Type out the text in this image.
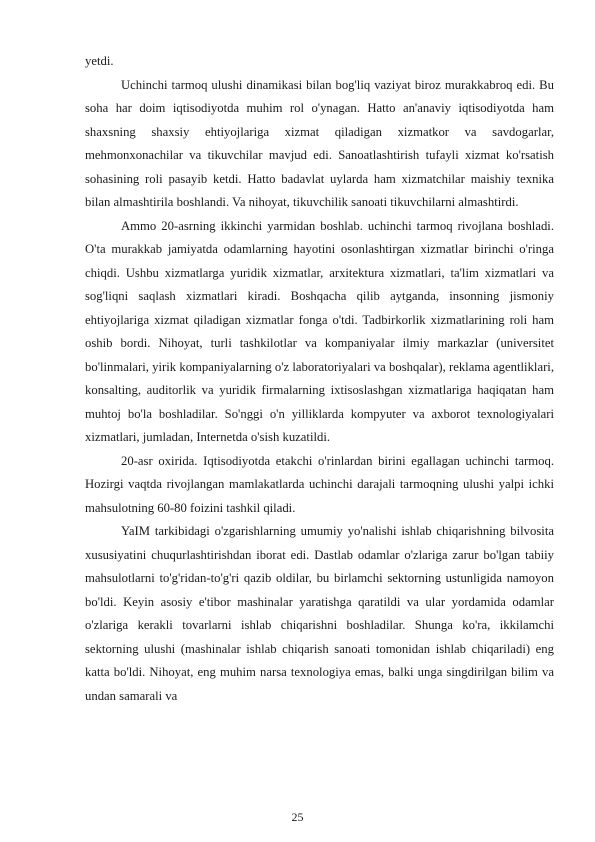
yetdi.

Uchinchi tarmoq ulushi dinamikasi bilan bog'liq vaziyat biroz murakkabroq edi. Bu soha har doim iqtisodiyotda muhim rol o'ynagan. Hatto an'anaviy iqtisodiyotda ham shaxsning shaxsiy ehtiyojlariga xizmat qiladigan xizmatkor va savdogarlar, mehmonxonachilar va tikuvchilar mavjud edi. Sanoatlashtirish tufayli xizmat ko'rsatish sohasining roli pasayib ketdi. Hatto badavlat uylarda ham xizmatchilar maishiy texnika bilan almashtirila boshlandi. Va nihoyat, tikuvchilik sanoati tikuvchilarni almashtirdi.

Ammo 20-asrning ikkinchi yarmidan boshlab. uchinchi tarmoq rivojlana boshladi. O'ta murakkab jamiyatda odamlarning hayotini osonlashtirgan xizmatlar birinchi o'ringa chiqdi. Ushbu xizmatlarga yuridik xizmatlar, arxitektura xizmatlari, ta'lim xizmatlari va sog'liqni saqlash xizmatlari kiradi. Boshqacha qilib aytganda, insonning jismoniy ehtiyojlariga xizmat qiladigan xizmatlar fonga o'tdi. Tadbirkorlik xizmatlarining roli ham oshib bordi. Nihoyat, turli tashkilotlar va kompaniyalar ilmiy markazlar (universitet bo'linmalari, yirik kompaniyalarning o'z laboratoriyalari va boshqalar), reklama agentliklari, konsalting, auditorlik va yuridik firmalarning ixtisoslashgan xizmatlariga haqiqatan ham muhtoj bo'la boshladilar. So'nggi o'n yilliklarda kompyuter va axborot texnologiyalari xizmatlari, jumladan, Internetda o'sish kuzatildi.

20-asr oxirida. Iqtisodiyotda etakchi o'rinlardan birini egallagan uchinchi tarmoq. Hozirgi vaqtda rivojlangan mamlakatlarda uchinchi darajali tarmoqning ulushi yalpi ichki mahsulotning 60-80 foizini tashkil qiladi.

YaIM tarkibidagi o'zgarishlarning umumiy yo'nalishi ishlab chiqarishning bilvosita xususiyatini chuqurlashtirishdan iborat edi. Dastlab odamlar o'zlariga zarur bo'lgan tabiiy mahsulotlarni to'g'ridan-to'g'ri qazib oldilar, bu birlamchi sektorning ustunligida namoyon bo'ldi. Keyin asosiy e'tibor mashinalar yaratishga qaratildi va ular yordamida odamlar o'zlariga kerakli tovarlarni ishlab chiqarishni boshladilar. Shunga ko'ra, ikkilamchi sektorning ulushi (mashinalar ishlab chiqarish sanoati tomonidan ishlab chiqariladi) eng katta bo'ldi. Nihoyat, eng muhim narsa texnologiya emas, balki unga singdirilgan bilim va undan samarali va

25
